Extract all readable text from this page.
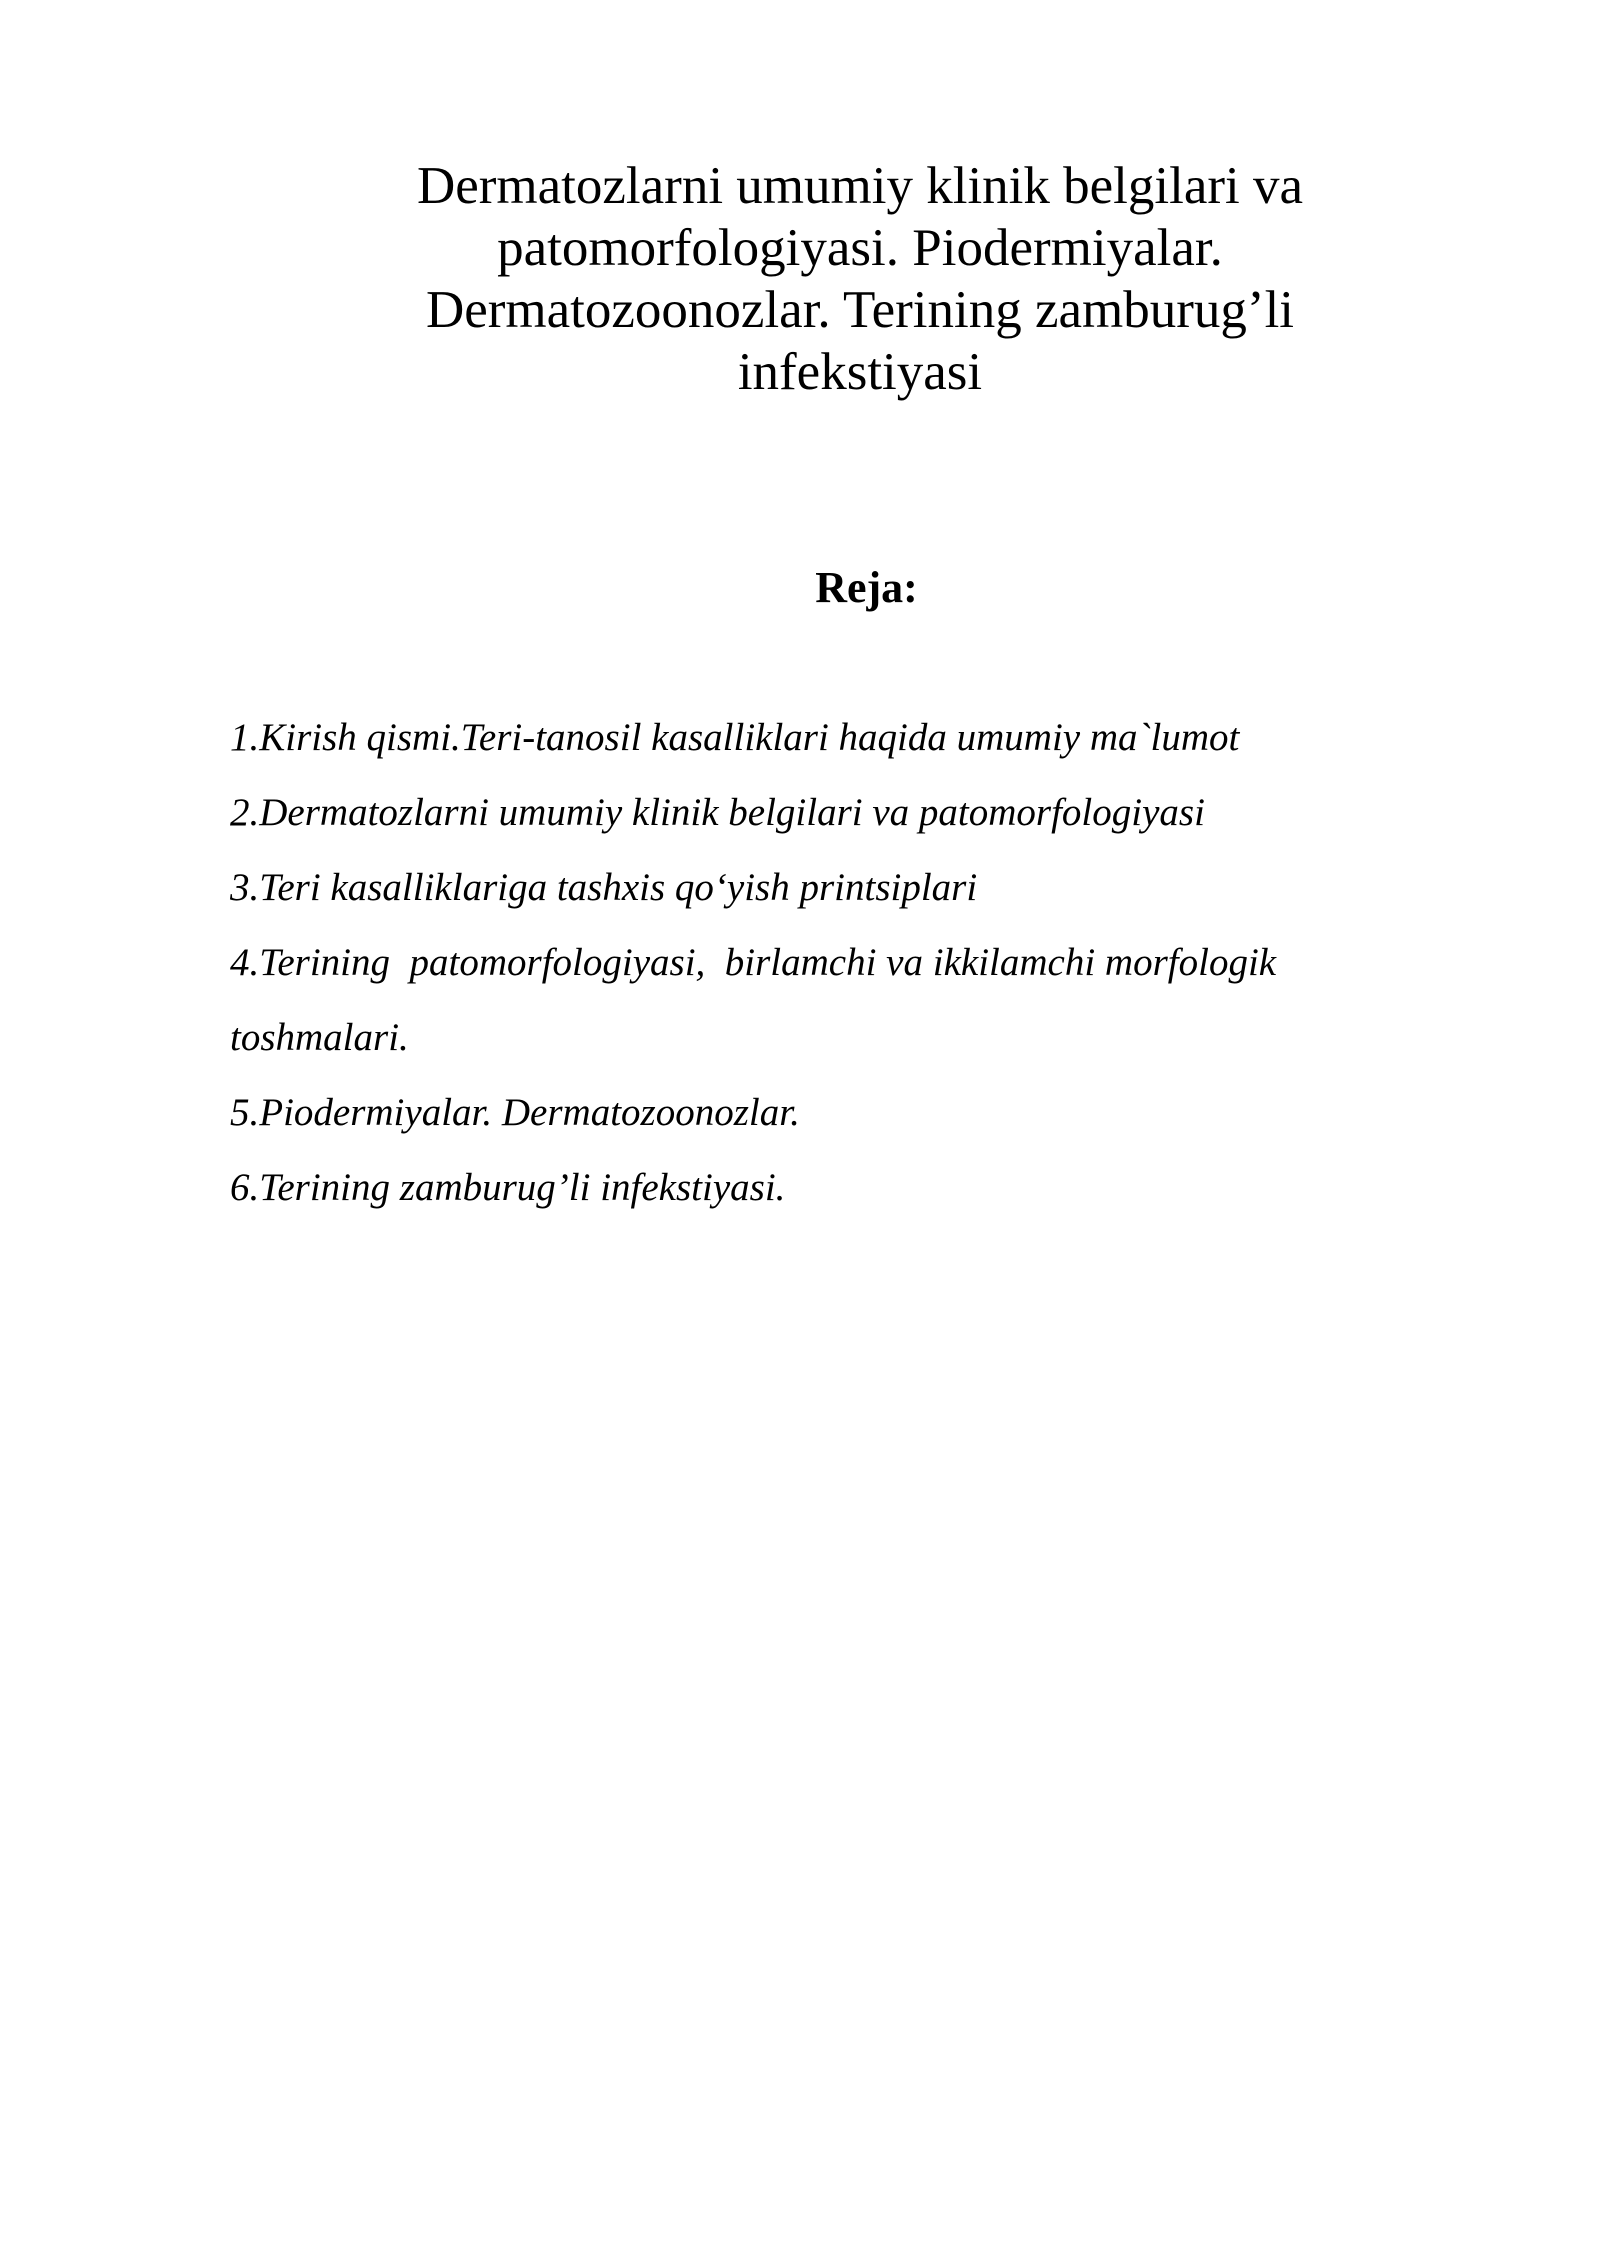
Dermatozlarni umumiy klinik belgilari va
patomorfologiyasi. Piodermiyalar.
Dermatozoonozlar. Terining zamburug’li
infekstiyasi
Reja:
1.Kirish qismi.Teri-tanosil kasalliklari haqida umumiy ma`lumot
2.Dermatozlarni umumiy klinik belgilari va patomorfologiyasi
3.Teri kasalliklariga tashxis qoʻyish printsiplari
4.Terining  patomorfologiyasi,  birlamchi va ikkilamchi morfologik
toshmalari.
5.Piodermiyalar. Dermatozoonozlar.
6.Terining zamburug’li infekstiyasi.
